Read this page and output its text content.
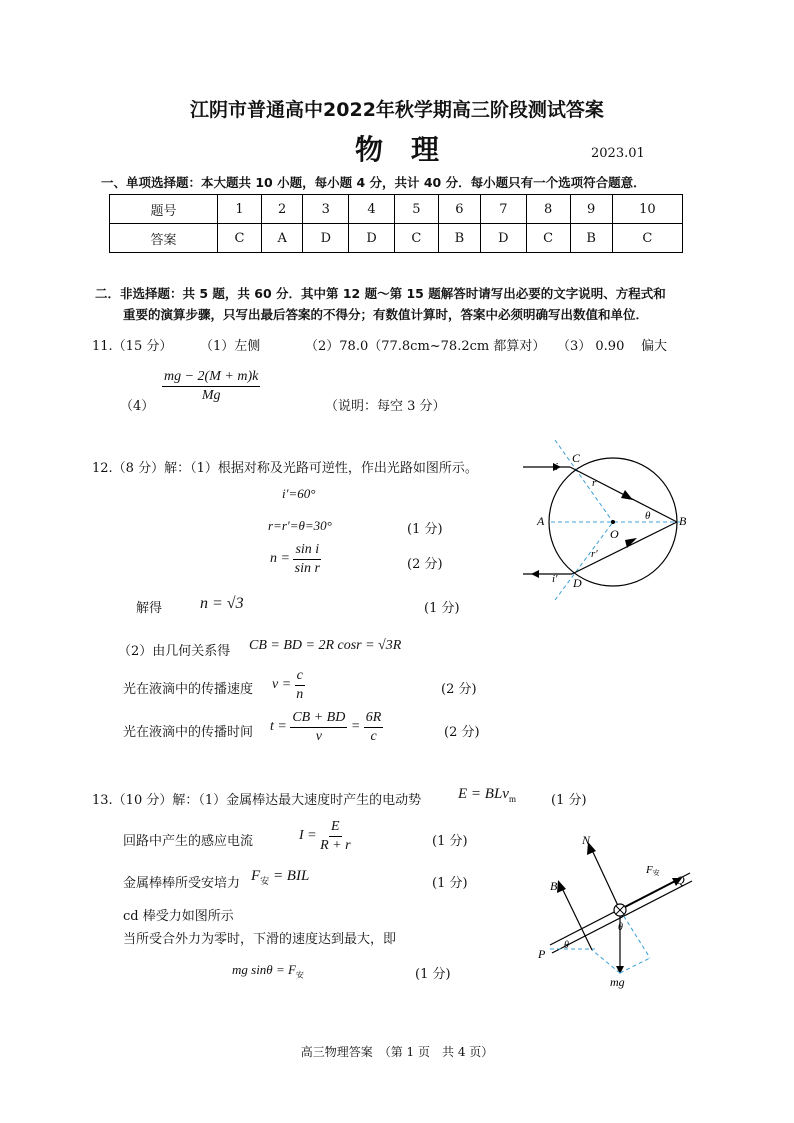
江阴市普通高中2022年秋学期高三阶段测试答案
物　理	2023.01
一、单项选择题：本大题共 10 小题，每小题 4 分，共计 40 分．每小题只有一个选项符合题意．
题号	1	2	3	4	5	6	7	8	9	10
答案	C	A	D	D	C	B	D	C	B	C
二．非选择题：共 5 题，共 60 分．其中第 12 题～第 15 题解答时请写出必要的文字说明、方程式和
重要的演算步骤，只写出最后答案的不得分；有数值计算时，答案中必须明确写出数值和单位．
11.（15 分） （1）左侧	（2）78.0（77.8cm~78.2cm 都算对） （3） 0.90 偏大
（4）
$\frac{mg - 2(M + m)k}{Mg}$
（说明：每空 3 分）
12.（8 分）解：（1）根据对称及光路可逆性，作出光路如图所示。
i′=60°
r=r′=θ=30°	(1 分)
$n = \frac{\text{sin i}}{\text{sin r}}$	(2 分)
解得 n = √3	(1 分)
（2）由几何关系得 CB = BD = 2R cosr = √3R
光在液滴中的传播速度 $v = \frac{c}{n}$	(2 分)
光在液滴中的传播时间 $t = \frac{CB + BD}{v} = \frac{6R}{c}$	(2 分)
C
A
O
B
D
i
i′
r
r′
θ
13.（10 分）解：（1）金属棒达最大速度时产生的电动势 E = BLv$_m$	(1 分)
回路中产生的感应电流	$I = \frac{E}{R + r}$	(1 分)
金属棒棒所受安培力 $F_安$ = BIL	(1 分)
cd 棒受力如图所示
当所受合外力为零时，下滑的速度达到最大，即
mg $\sin\theta = F_安$	(1 分)
N
F安 Q
B
P
θ
θ
mg
高三物理答案　（第 1 页　共 4 页）
